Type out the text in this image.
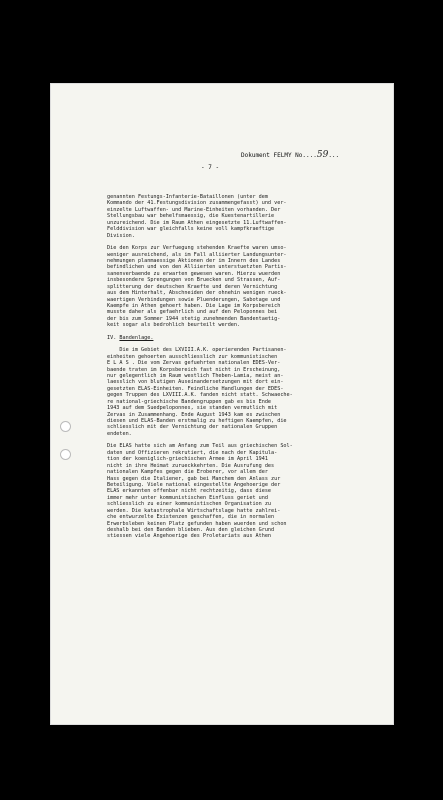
Dokument FELMY No....59...
- 7 -
genannten Festungs-Infanterie-Bataillonen (unter dem
Kommando der 41.Festungsdivision zusammengefasst) und ver-
einzelte Luftwaffen- und Marine-Einheiten vorhanden. Der
Stellungsbau war behelfsmaessig, die Kuestenartillerie
unzureichend. Die im Raum Athen eingesetzte 11.Luftwaffen-
Felddivision war gleichfalls keine voll kampfkraeftige
Division.
Die den Korps zur Verfuegung stehenden Kraefte waren umso-
weniger ausreichend, als im Fall alliierter Landungsunter-
nehmungen planmaessige Aktionen der im Innern des Landes
befindlichen und von den Alliierten unterstuetzten Partis-
sanenverbaende zu erwarten gewesen waren. Hierzu wuerden
insbesondere Sprengungen von Bruecken und Strassen, Auf-
splitterung der deutschen Kraefte und deren Vernichtung
aus dem Hinterhalt, Abschneiden der ohnehin wenigen rueck-
waertigen Verbindungen sowie Pluenderungen, Sabotage und
Kaempfe in Athen gehoert haben. Die Lage im Korpsbereich
musste daher als gefaehrlich und auf den Peloponnes bei
der bis zum Sommer 1944 stetig zunehmenden Bandentaetig-
keit sogar als bedrohlich beurteilt werden.
IV. Bandenlage.
Die im Gebiet des LXVIII.A.K. operierenden Partisanen-
einheiten gehoerten ausschliesslich zur kommunistischen
E L A S . Die vom Zervas gefuehrten nationalen EDES-Ver-
baende traten im Korpsbereich fast nicht in Erscheinung,
nur gelegentlich im Raum westlich Theben-Lamia, meist an-
laesslich von blutigen Auseinandersetzungen mit dort ein-
gesetzten ELAS-Einheiten. Feindliche Handlungen der EDES-
gegen Truppen des LXVIII.A.K. fanden nicht statt. Schwaeche-
re national-griechische Bandengruppen gab es bis Ende
1943 auf dem Suedpeloponnes, sie standen vermutlich mit
Zervas in Zusammenhang. Ende August 1943 kam es zwischen
diesen und ELAS-Banden erstmalig zu heftigen Kaempfen, die
schliesslich mit der Vernichtung der nationalen Gruppen
endeten.
Die ELAS hatte sich am Anfang zum Teil aus griechischen Sol-
daten und Offizieren rekrutiert, die nach der Kapitula-
tion der koeniglich-griechischen Armee im April 1941
nicht in ihre Heimat zurueckkehrten. Die Ausrufung des
nationalen Kampfes gegen die Eroberer, vor allem der
Hass gegen die Italiener, gab bei Manchem den Anlass zur
Beteiligung. Viele national eingestellte Angehoerige der
ELAS erkannten offenbar nicht rechtzeitig, dass diese
immer mehr unter kommunistischen Einfluss geriet und
schliesslich zu einer kommunistischen Organisation zu
werden. Die katastrophale Wirtschaftslage hatte zahlrei-
che entwurzelte Existenzen geschaffen, die in normalen
Erwerbsleben keinen Platz gefunden haben wuerden und schon
deshalb bei den Banden blieben. Aus den gleichen Grund
stiessen viele Angehoerige des Proletariats aus Athen
